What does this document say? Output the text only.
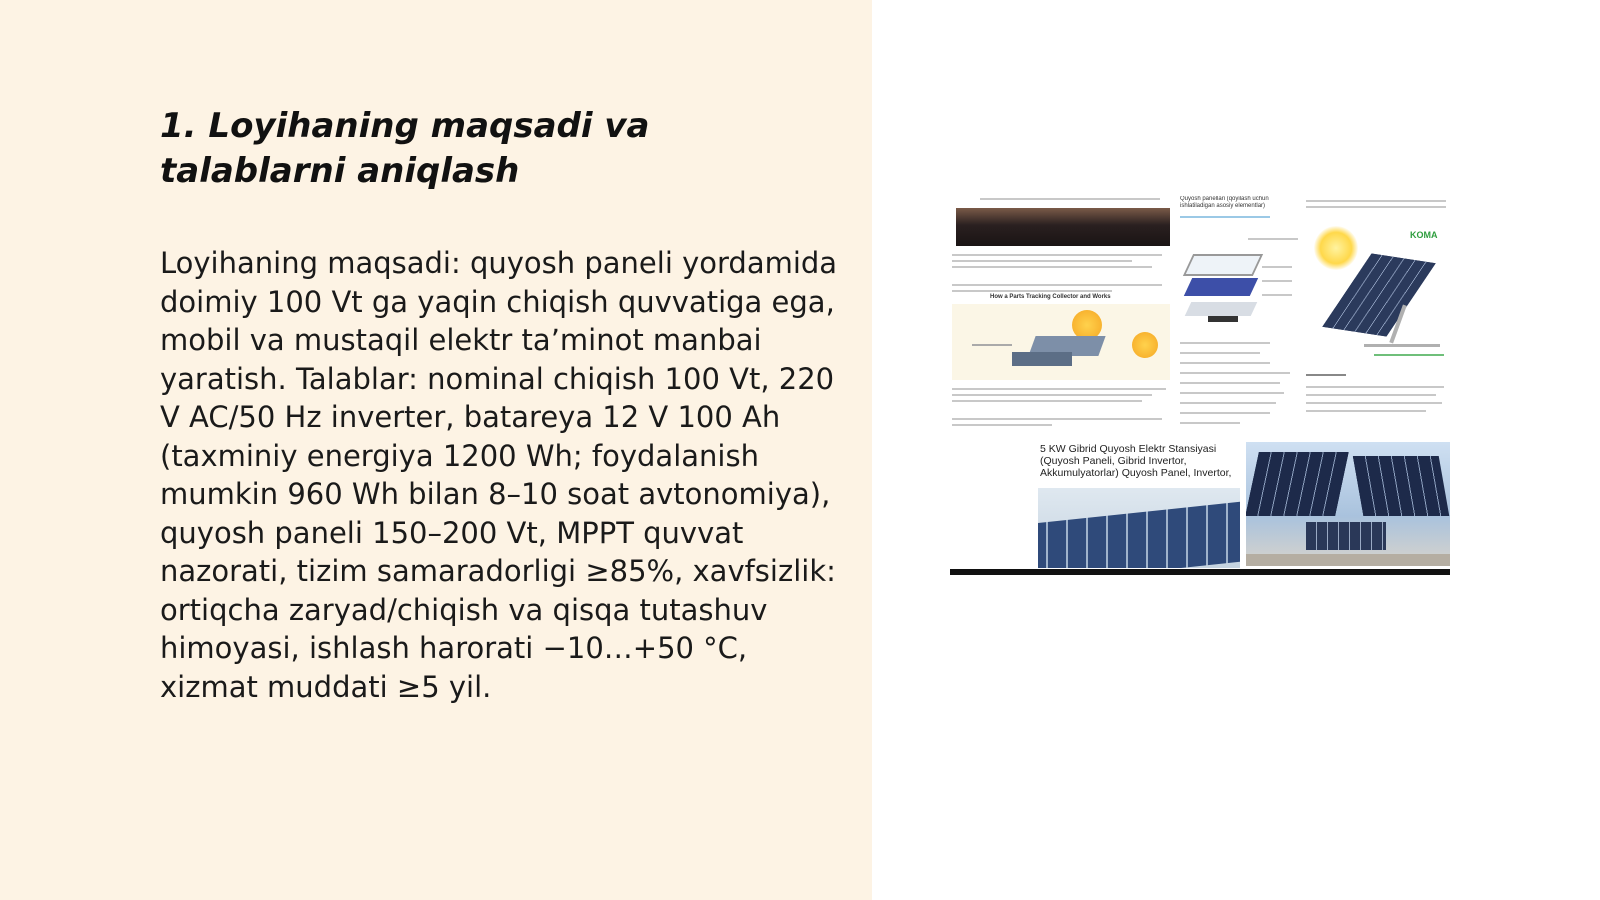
1. Loyihaning maqsadi va talablarni aniqlash

Loyihaning maqsadi: quyosh paneli yordamida doimiy 100 Vt ga yaqin chiqish quvvatiga ega, mobil va mustaqil elektr ta’minot manbai yaratish. Talablar: nominal chiqish 100 Vt, 220 V AC/50 Hz inverter, batareya 12 V 100 Ah (taxminiy energiya 1200 Wh; foydalanish mumkin 960 Wh bilan 8–10 soat avtonomiya), quyosh paneli 150–200 Vt, MPPT quvvat nazorati, tizim samaradorligi ≥85%, xavfsizlik: ortiqcha zaryad/chiqish va qisqa tutashuv himoyasi, ishlash harorati −10…+50 °C, xizmat muddati ≥5 yil.

How a Parts Tracking Collector and Works
Quyosh panellari (qoyilash uchun ishlatiladigan asosiy elementlar)
KOMA
5 KW Gibrid Quyosh Elektr Stansiyasi (Quyosh Paneli, Gibrid Invertor, Akkumulyatorlar) Quyosh Panel, Invertor,
